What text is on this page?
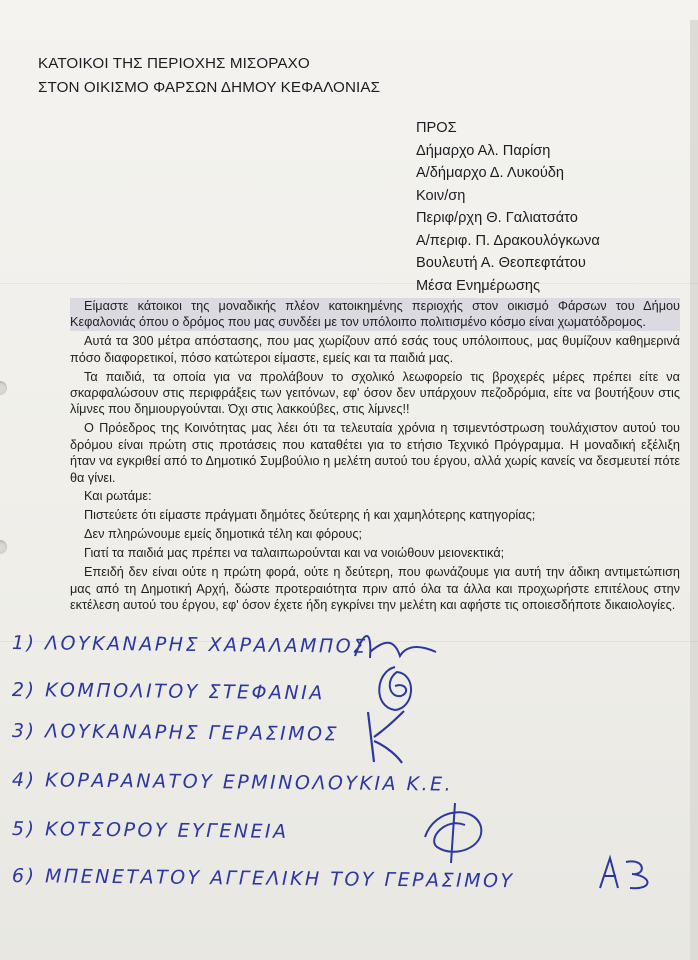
ΚΑΤΟΙΚΟΙ ΤΗΣ ΠΕΡΙΟΧΗΣ ΜΙΣΟΡΑΧΟ
ΣΤΟΝ ΟΙΚΙΣΜΟ ΦΑΡΣΩΝ ΔΗΜΟΥ ΚΕΦΑΛΟΝΙΑΣ
ΠΡΟΣ
Δήμαρχο Αλ. Παρίση
Α/δήμαρχο Δ. Λυκούδη
Κοιν/ση
Περιφ/ρχη Θ. Γαλιατσάτο
Α/περιφ. Π. Δρακουλόγκωνα
Βουλευτή Α. Θεοπεφτάτου
Μέσα Ενημέρωσης

Είμαστε κάτοικοι της μοναδικής πλέον κατοικημένης περιοχής στον οικισμό Φάρσων του Δήμου Κεφαλονιάς όπου ο δρόμος που μας συνδέει με τον υπόλοιπο πολιτισμένο κόσμο είναι χωματόδρομος.

Αυτά τα 300 μέτρα απόστασης, που μας χωρίζουν από εσάς τους υπόλοιπους, μας θυμίζουν καθημερινά πόσο διαφορετικοί, πόσο κατώτεροι είμαστε, εμείς και τα παιδιά μας.

Τα παιδιά, τα οποία για να προλάβουν το σχολικό λεωφορείο τις βροχερές μέρες πρέπει είτε να σκαρφαλώσουν στις περιφράξεις των γειτόνων, εφ' όσον δεν υπάρχουν πεζοδρόμια, είτε να βουτήξουν στις λίμνες που δημιουργούνται. Όχι στις λακκούβες, στις λίμνες!!

Ο Πρόεδρος της Κοινότητας μας λέει ότι τα τελευταία χρόνια η τσιμεντόστρωση τουλάχιστον αυτού του δρόμου είναι πρώτη στις προτάσεις που καταθέτει για το ετήσιο Τεχνικό Πρόγραμμα. Η μοναδική εξέλιξη ήταν να εγκριθεί από το Δημοτικό Συμβούλιο η μελέτη αυτού του έργου, αλλά χωρίς κανείς να δεσμευτεί πότε θα γίνει.

Και ρωτάμε:

Πιστεύετε ότι είμαστε πράγματι δημότες δεύτερης ή και χαμηλότερης κατηγορίας;

Δεν πληρώνουμε εμείς δημοτικά τέλη και φόρους;

Γιατί τα παιδιά μας πρέπει να ταλαιπωρούνται και να νοιώθουν μειονεκτικά;

Επειδή δεν είναι ούτε η πρώτη φορά, ούτε η δεύτερη, που φωνάζουμε για αυτή την άδικη αντιμετώπιση μας από τη Δημοτική Αρχή, δώστε προτεραιότητα πριν από όλα τα άλλα και προχωρήστε επιτέλους στην εκτέλεση αυτού του έργου, εφ' όσον έχετε ήδη εγκρίνει την μελέτη και αφήστε τις οποιεσδήποτε δικαιολογίες.

1) ΛΟΥΚΑΝΑΡΗΣ ΧΑΡΑΛΑΜΠΟΣ
2) ΚΟΜΠΟΛΙΤΟΥ ΣΤΕΦΑΝΙΑ
3) ΛΟΥΚΑΝΑΡΗΣ ΓΕΡΑΣΙΜΟΣ
4) ΚΟΡΑΡΑΝΑΤΟΥ ΕΡΜΙΝΟΛΟΥΚΙΑ Κ.Ε.
5) ΚΟΤΣΟΡΟΥ ΕΥΓΕΝΕΙΑ
6) ΜΠΕΝΕΤΑΤΟΥ ΑΓΓΕΛΙΚΗ ΤΟΥ ΓΕΡΑΣΙΜΟΥ
